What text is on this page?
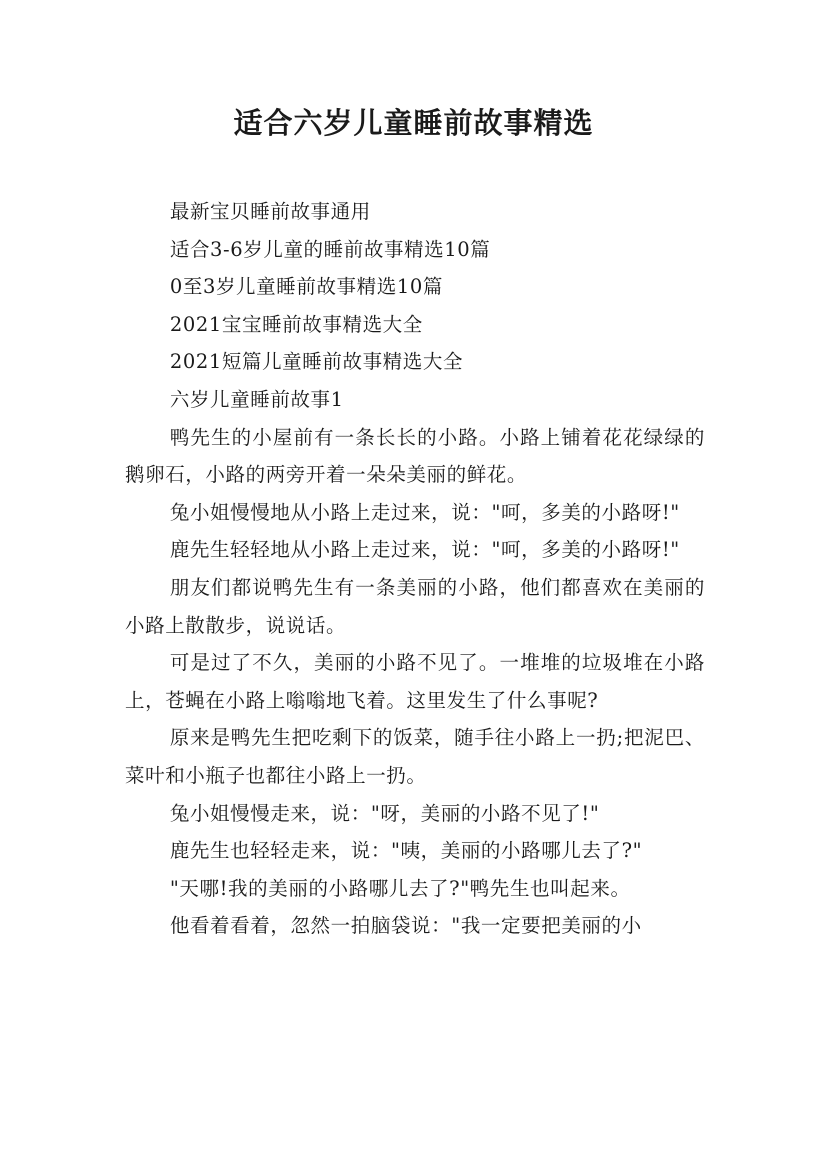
适合六岁儿童睡前故事精选

最新宝贝睡前故事通用

适合3-6岁儿童的睡前故事精选10篇

0至3岁儿童睡前故事精选10篇

2021宝宝睡前故事精选大全

2021短篇儿童睡前故事精选大全

六岁儿童睡前故事1

鸭先生的小屋前有一条长长的小路。小路上铺着花花绿绿的鹅卵石，小路的两旁开着一朵朵美丽的鲜花。

兔小姐慢慢地从小路上走过来，说："呵，多美的小路呀!"

鹿先生轻轻地从小路上走过来，说："呵，多美的小路呀!"

朋友们都说鸭先生有一条美丽的小路，他们都喜欢在美丽的小路上散散步，说说话。

可是过了不久，美丽的小路不见了。一堆堆的垃圾堆在小路上，苍蝇在小路上嗡嗡地飞着。这里发生了什么事呢?

原来是鸭先生把吃剩下的饭菜，随手往小路上一扔;把泥巴、菜叶和小瓶子也都往小路上一扔。

兔小姐慢慢走来，说："呀，美丽的小路不见了!"

鹿先生也轻轻走来，说："咦，美丽的小路哪儿去了?"

"天哪!我的美丽的小路哪儿去了?"鸭先生也叫起来。

他看着看着，忽然一拍脑袋说："我一定要把美丽的小
